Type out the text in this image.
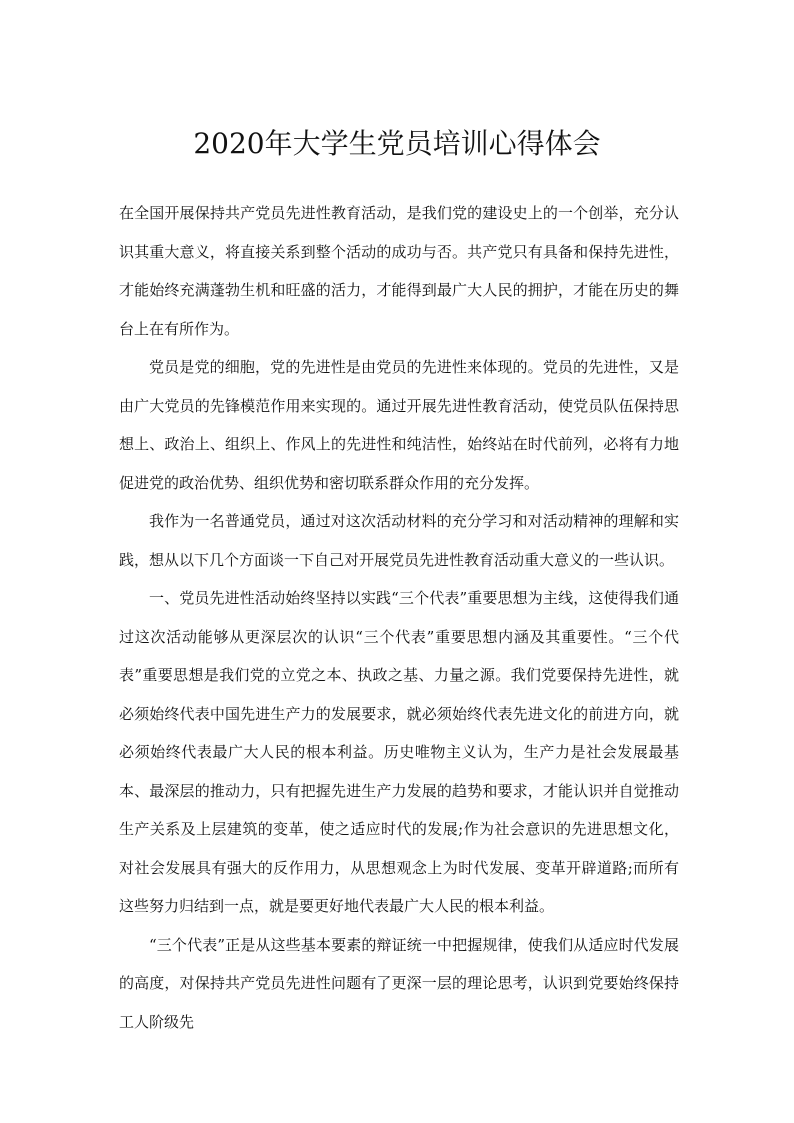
2020年大学生党员培训心得体会

在全国开展保持共产党员先进性教育活动，是我们党的建设史上的一个创举，充分认识其重大意义，将直接关系到整个活动的成功与否。共产党只有具备和保持先进性，才能始终充满蓬勃生机和旺盛的活力，才能得到最广大人民的拥护，才能在历史的舞台上在有所作为。

党员是党的细胞，党的先进性是由党员的先进性来体现的。党员的先进性，又是由广大党员的先锋模范作用来实现的。通过开展先进性教育活动，使党员队伍保持思想上、政治上、组织上、作风上的先进性和纯洁性，始终站在时代前列，必将有力地促进党的政治优势、组织优势和密切联系群众作用的充分发挥。

我作为一名普通党员，通过对这次活动材料的充分学习和对活动精神的理解和实践，想从以下几个方面谈一下自己对开展党员先进性教育活动重大意义的一些认识。

一、党员先进性活动始终坚持以实践“三个代表”重要思想为主线，这使得我们通过这次活动能够从更深层次的认识“三个代表”重要思想内涵及其重要性。“三个代表”重要思想是我们党的立党之本、执政之基、力量之源。我们党要保持先进性，就必须始终代表中国先进生产力的发展要求，就必须始终代表先进文化的前进方向，就必须始终代表最广大人民的根本利益。历史唯物主义认为，生产力是社会发展最基本、最深层的推动力，只有把握先进生产力发展的趋势和要求，才能认识并自觉推动生产关系及上层建筑的变革，使之适应时代的发展;作为社会意识的先进思想文化，对社会发展具有强大的反作用力，从思想观念上为时代发展、变革开辟道路;而所有这些努力归结到一点，就是要更好地代表最广大人民的根本利益。

“三个代表”正是从这些基本要素的辩证统一中把握规律，使我们从适应时代发展的高度，对保持共产党员先进性问题有了更深一层的理论思考，认识到党要始终保持工人阶级先
